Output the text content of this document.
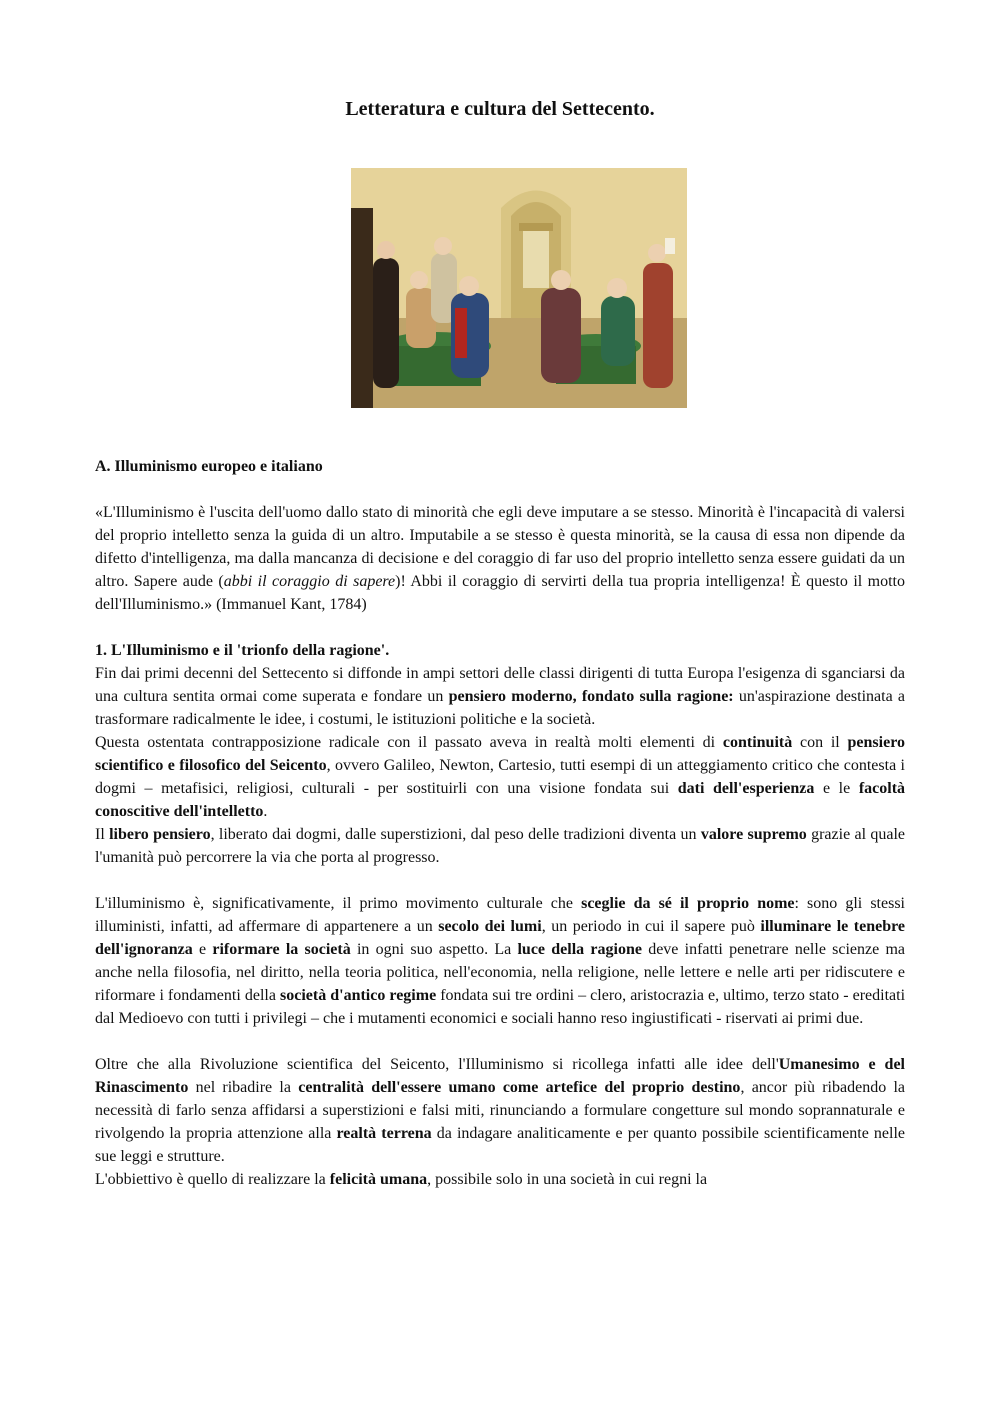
Letteratura e cultura del Settecento.

A. Illuminismo europeo e italiano

«L'Illuminismo è l'uscita dell'uomo dallo stato di minorità che egli deve imputare a se stesso. Minorità è l'incapacità di valersi del proprio intelletto senza la guida di un altro. Imputabile a se stesso è questa minorità, se la causa di essa non dipende da difetto d'intelligenza, ma dalla mancanza di decisione e del coraggio di far uso del proprio intelletto senza essere guidati da un altro. Sapere aude (abbi il coraggio di sapere)! Abbi il coraggio di servirti della tua propria intelligenza! È questo il motto dell'Illuminismo.» (Immanuel Kant, 1784)

1. L'Illuminismo e il 'trionfo della ragione'.

Fin dai primi decenni del Settecento si diffonde in ampi settori delle classi dirigenti di tutta Europa l'esigenza di sganciarsi da una cultura sentita ormai come superata e fondare un pensiero moderno, fondato sulla ragione: un'aspirazione destinata a trasformare radicalmente le idee, i costumi, le istituzioni politiche e la società.

Questa ostentata contrapposizione radicale con il passato aveva in realtà molti elementi di continuità con il pensiero scientifico e filosofico del Seicento, ovvero Galileo, Newton, Cartesio, tutti esempi di un atteggiamento critico che contesta i dogmi – metafisici, religiosi, culturali - per sostituirli con una visione fondata sui dati dell'esperienza e le facoltà conoscitive dell'intelletto.

Il libero pensiero, liberato dai dogmi, dalle superstizioni, dal peso delle tradizioni diventa un valore supremo grazie al quale l'umanità può percorrere la via che porta al progresso.

L'illuminismo è, significativamente, il primo movimento culturale che sceglie da sé il proprio nome: sono gli stessi illuministi, infatti, ad affermare di appartenere a un secolo dei lumi, un periodo in cui il sapere può illuminare le tenebre dell'ignoranza e riformare la società in ogni suo aspetto. La luce della ragione deve infatti penetrare nelle scienze ma anche nella filosofia, nel diritto, nella teoria politica, nell'economia, nella religione, nelle lettere e nelle arti per ridiscutere e riformare i fondamenti della società d'antico regime fondata sui tre ordini – clero, aristocrazia e, ultimo, terzo stato - ereditati dal Medioevo con tutti i privilegi – che i mutamenti economici e sociali hanno reso ingiustificati - riservati ai primi due.

Oltre che alla Rivoluzione scientifica del Seicento, l'Illuminismo si ricollega infatti alle idee dell'Umanesimo e del Rinascimento nel ribadire la centralità dell'essere umano come artefice del proprio destino, ancor più ribadendo la necessità di farlo senza affidarsi a superstizioni e falsi miti, rinunciando a formulare congetture sul mondo soprannaturale e rivolgendo la propria attenzione alla realtà terrena da indagare analiticamente e per quanto possibile scientificamente nelle sue leggi e strutture.

L'obbiettivo è quello di realizzare la felicità umana, possibile solo in una società in cui regni la
